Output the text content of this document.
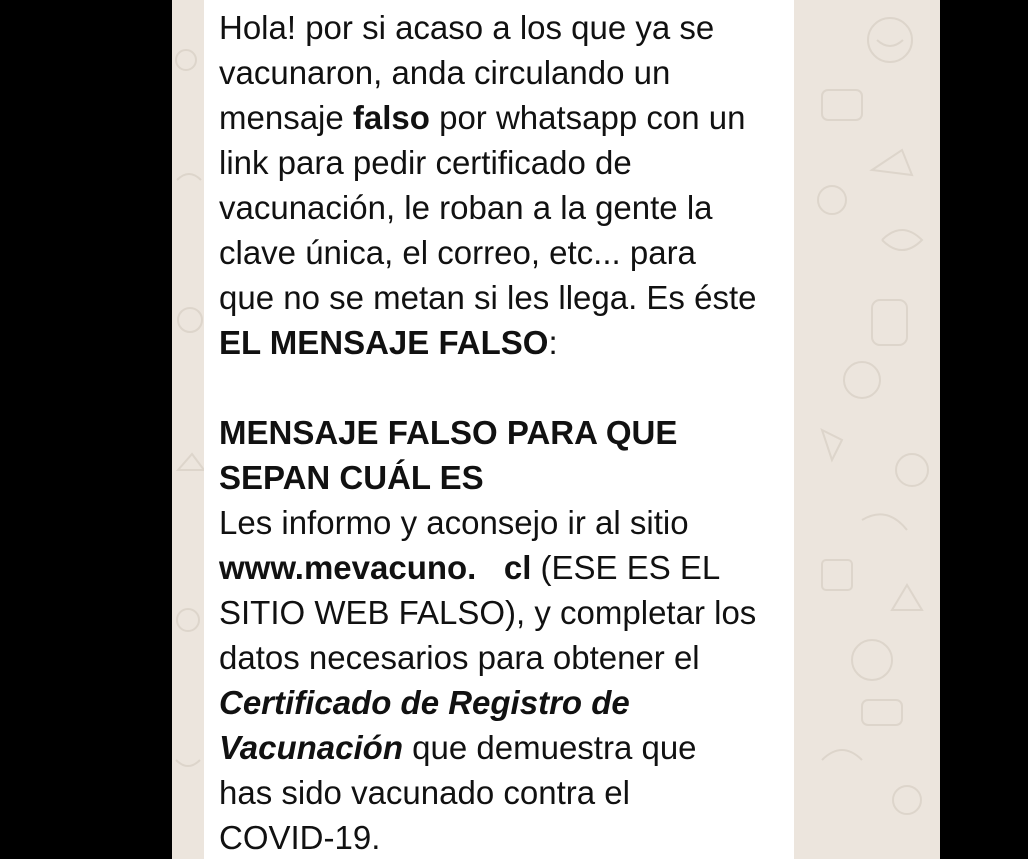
Hola! por si acaso a los que ya se
vacunaron, anda circulando un
mensaje falso por whatsapp con un
link para pedir certificado de
vacunación, le roban a la gente la
clave única, el correo, etc... para
que no se metan si les llega. Es éste
EL MENSAJE FALSO:
MENSAJE FALSO PARA QUE
SEPAN CUÁL ES
Les informo y aconsejo ir al sitio
www.mevacuno.   cl (ESE ES EL
SITIO WEB FALSO), y completar los
datos necesarios para obtener el
Certificado de Registro de
Vacunación que demuestra que
has sido vacunado contra el
COVID-19.
